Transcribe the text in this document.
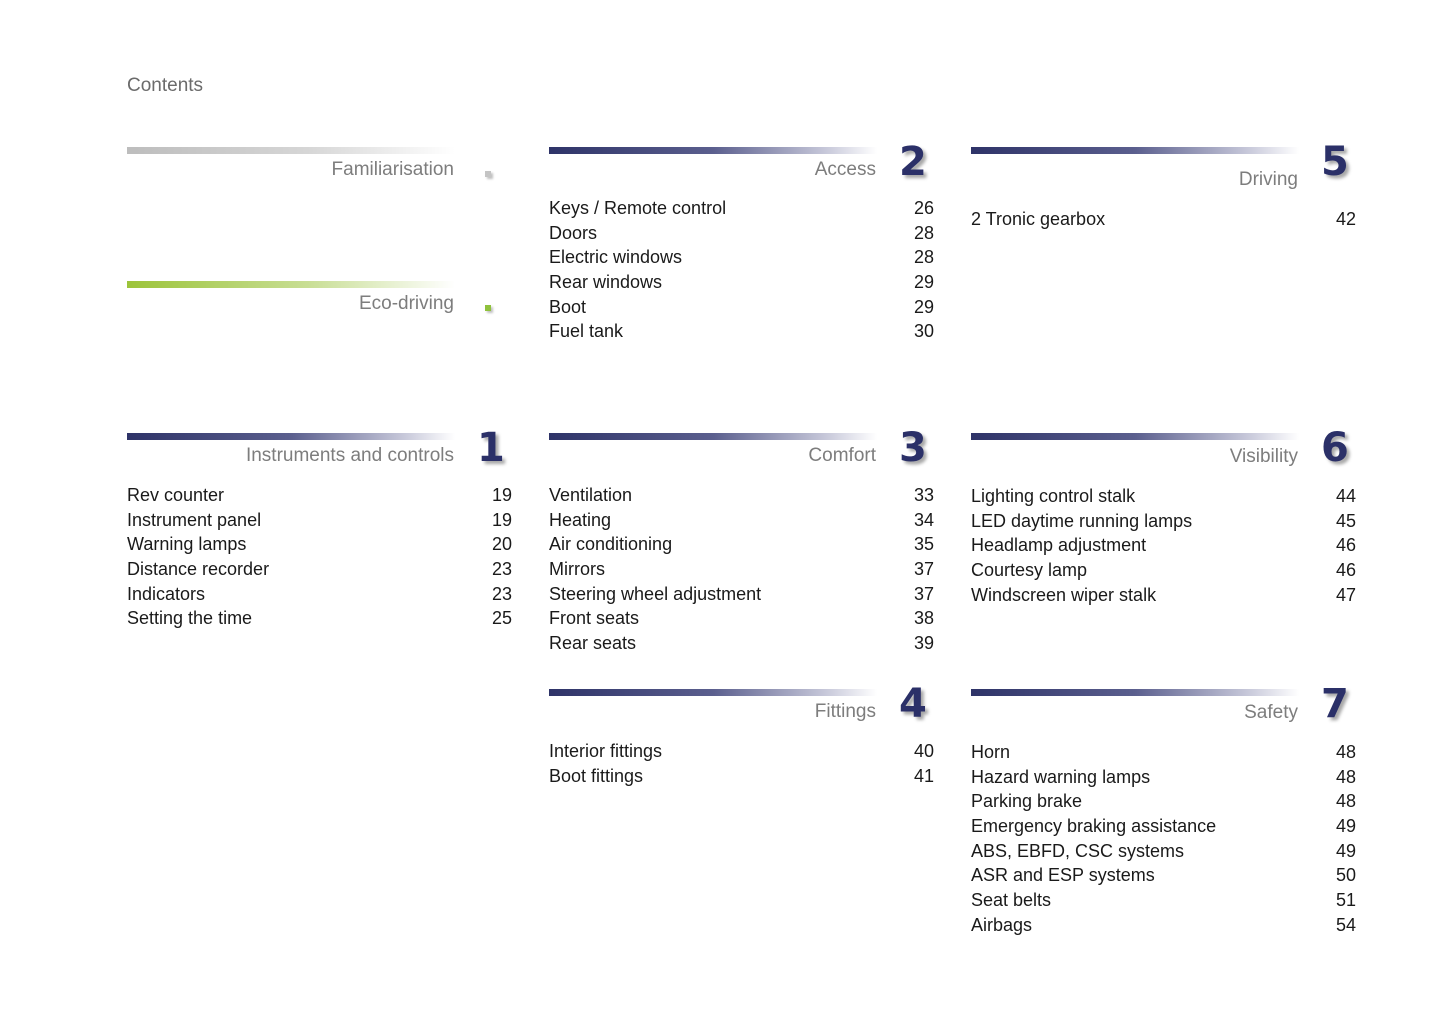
Contents
Familiarisation
Eco-driving
Access 2
Keys / Remote control	26
Doors	28
Electric windows	28
Rear windows	29
Boot	29
Fuel tank	30
Driving 5
2 Tronic gearbox	42
Instruments and controls 1
Rev counter	19
Instrument panel	19
Warning lamps	20
Distance recorder	23
Indicators	23
Setting the time	25
Comfort 3
Ventilation	33
Heating	34
Air conditioning	35
Mirrors	37
Steering wheel adjustment	37
Front seats	38
Rear seats	39
Visibility 6
Lighting control stalk	44
LED daytime running lamps	45
Headlamp adjustment	46
Courtesy lamp	46
Windscreen wiper stalk	47
Fittings 4
Interior fittings	40
Boot fittings	41
Safety 7
Horn	48
Hazard warning lamps	48
Parking brake	48
Emergency braking assistance	49
ABS, EBFD, CSC systems	49
ASR and ESP systems	50
Seat belts	51
Airbags	54
